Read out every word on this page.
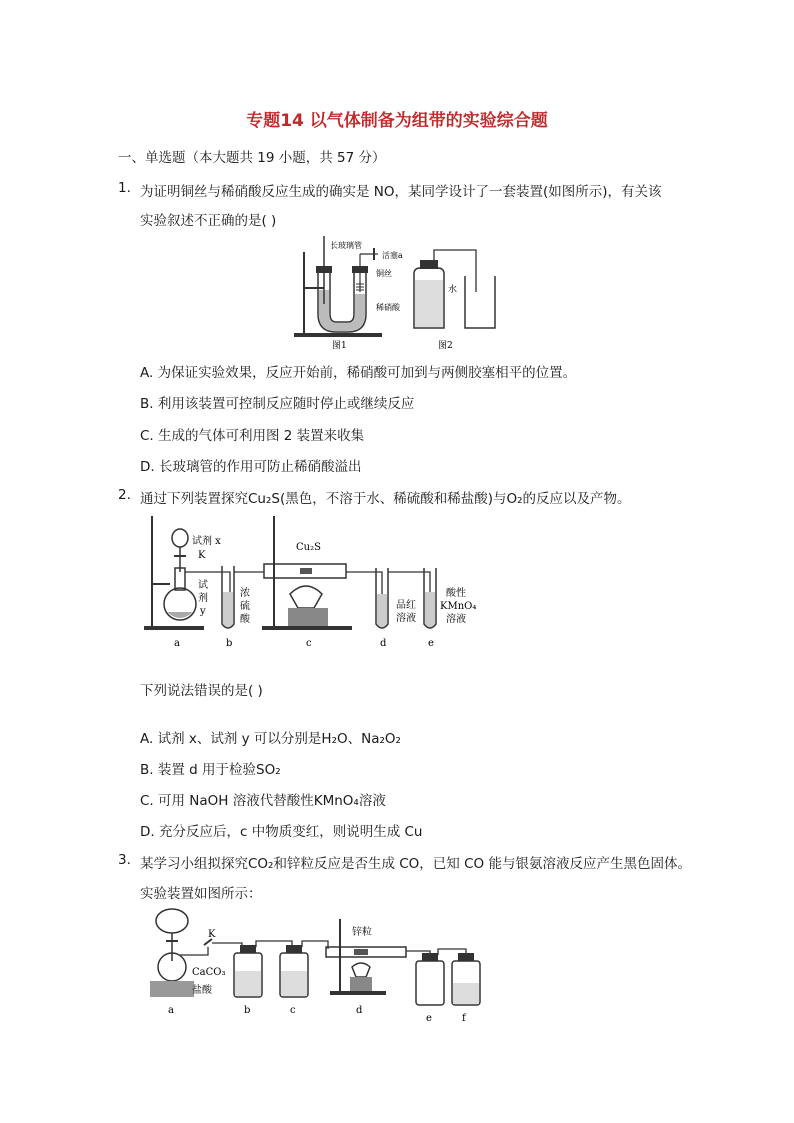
专题14 以气体制备为组带的实验综合题
一、单选题（本大题共 19 小题，共 57 分）
1. 为证明铜丝与稀硝酸反应生成的确实是 NO，某同学设计了一套装置(如图所示)，有关该
实验叙述不正确的是( )
长玻璃管
活塞a
铜丝
稀硝酸
图1
水
图2
A. 为保证实验效果，反应开始前，稀硝酸可加到与两侧胶塞相平的位置。
B. 利用该装置可控制反应随时停止或继续反应
C. 生成的气体可利用图 2 装置来收集
D. 长玻璃管的作用可防止稀硝酸溢出
2. 通过下列装置探究Cu₂S(黑色，不溶于水、稀硫酸和稀盐酸)与O₂的反应以及产物。
试剂 x
K
试
剂
y
浓
硫
酸
Cu₂S
品红
溶液
酸性
KMnO₄
溶液
a	b	c	d	e
下列说法错误的是( )
A. 试剂 x、试剂 y 可以分别是H₂O、Na₂O₂
B. 装置 d 用于检验SO₂
C. 可用 NaOH 溶液代替酸性KMnO₄溶液
D. 充分反应后，c 中物质变红，则说明生成 Cu
3. 某学习小组拟探究CO₂和锌粒反应是否生成 CO，已知 CO 能与银氨溶液反应产生黑色固体。
实验装置如图所示：
K
CaCO₃
盐酸
锌粒
a	b	c	d
e	f
